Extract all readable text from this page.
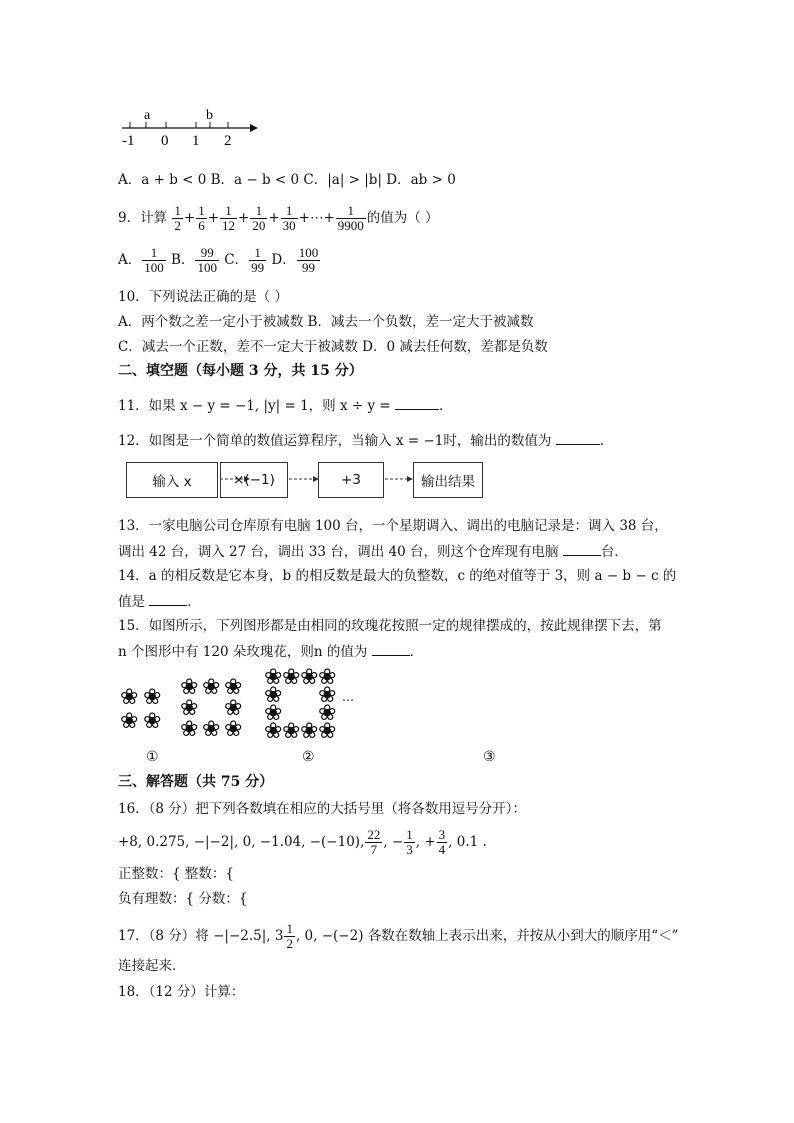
a	b
-1 0 1 2
A．a + b < 0 B．a − b < 0 C．|a| > |b| D．ab > 0
9．计算 $\frac{1}{2} + \frac{1}{6} + \frac{1}{12} + \frac{1}{20} + \frac{1}{30}$ +⋯+ $\frac{1}{9900}$ 的值为（ ）
A． $\frac{1}{100}$ B． $\frac{99}{100}$ C． $\frac{1}{99}$ D． $\frac{100}{99}$
10．下列说法正确的是（ ）
A．两个数之差一定小于被减数 B．减去一个负数，差一定大于被减数
C．减去一个正数，差不一定大于被减数 D．0 减去任何数，差都是负数
二、填空题（每小题 3 分，共 15 分）
11．如果 x − y = −1, |y| = 1，则 x ÷ y =	．
12．如图是一个简单的数值运算程序，当输入 x = −1时，输出的数值为	．
输入 x	×(−1)	+3	输出结果
13．一家电脑公司仓库原有电脑 100 台，一个星期调入、调出的电脑记录是：调入 38 台，
调出 42 台，调入 27 台，调出 33 台，调出 40 台，则这个仓库现有电脑	台．
14．a 的相反数是它本身，b 的相反数是最大的负整数，c 的绝对值等于 3，则 a − b − c 的
值是	．
15．如图所示，下列图形都是由相同的玫瑰花按照一定的规律摆成的，按此规律摆下去，第
n 个图形中有 120 朵玫瑰花，则n 的值为	．
❀ ❀
❀ ❀
❀ ❀ ❀
❀ ❀
❀ ❀ ❀
❀ ❀ ❀ ❀
❀ ❀
❀ ❀
❀ ❀ ❀ ❀
…
①	②	③
三、解答题（共 75 分）
16．（8 分）把下列各数填在相应的大括号里（将各数用逗号分开）：
+8, 0.275, −|−2|, 0, −1.04, −(−10), $\frac{22}{7}$ , − $\frac{1}{3}$ , + $\frac{3}{4}$ , 0.1 .
正整数：{ 整数：{
负有理数：{ 分数：{
17．（8 分）将 −|−2.5|, $3 \frac{1}{2}$ , 0, −(−2) 各数在数轴上表示出来，并按从小到大的顺序用“＜”
连接起来．
18．（12 分）计算：
